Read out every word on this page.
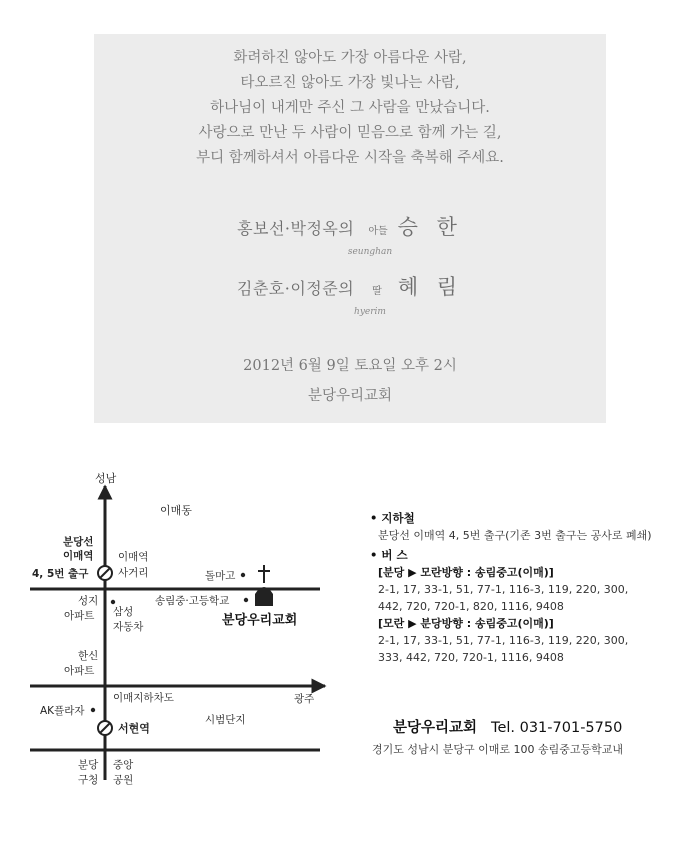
화려하진 않아도 가장 아름다운 사람,
타오르진 않아도 가장 빛나는 사람,
하나님이 내게만 주신 그 사람을 만났습니다.
사랑으로 만난 두 사람이 믿음으로 함께 가는 길,
부디 함께하셔서 아름다운 시작을 축복해 주세요.
홍보선·박정옥의 아들 승 한
seunghan
김춘호·이정준의 딸 혜 림
hyerim
2012년 6월 9일 토요일 오후 2시
분당우리교회
성남
이매동
분당선
이매역
4, 5번 출구
이매역
사거리	돌마고
성지
아파트 삼성
자동차
송림중·고등학교
분당우리교회
한신
아파트
이매지하차도	광주
AK플라자
서현역
시범단지
분당
구청
중앙
공원
• 지하철
분당선 이매역 4, 5번 출구(기존 3번 출구는 공사로 폐쇄)
• 버 스
[분당 ▶ 모란방향 : 송림중고(이매)]
2-1, 17, 33-1, 51, 77-1, 116-3, 119, 220, 300,
442, 720, 720-1, 820, 1116, 9408
[모란 ▶ 분당방향 : 송림중고(이매)]
2-1, 17, 33-1, 51, 77-1, 116-3, 119, 220, 300,
333, 442, 720, 720-1, 1116, 9408
분당우리교회 Tel. 031-701-5750
경기도 성남시 분당구 이매로 100 송림중고등학교내
